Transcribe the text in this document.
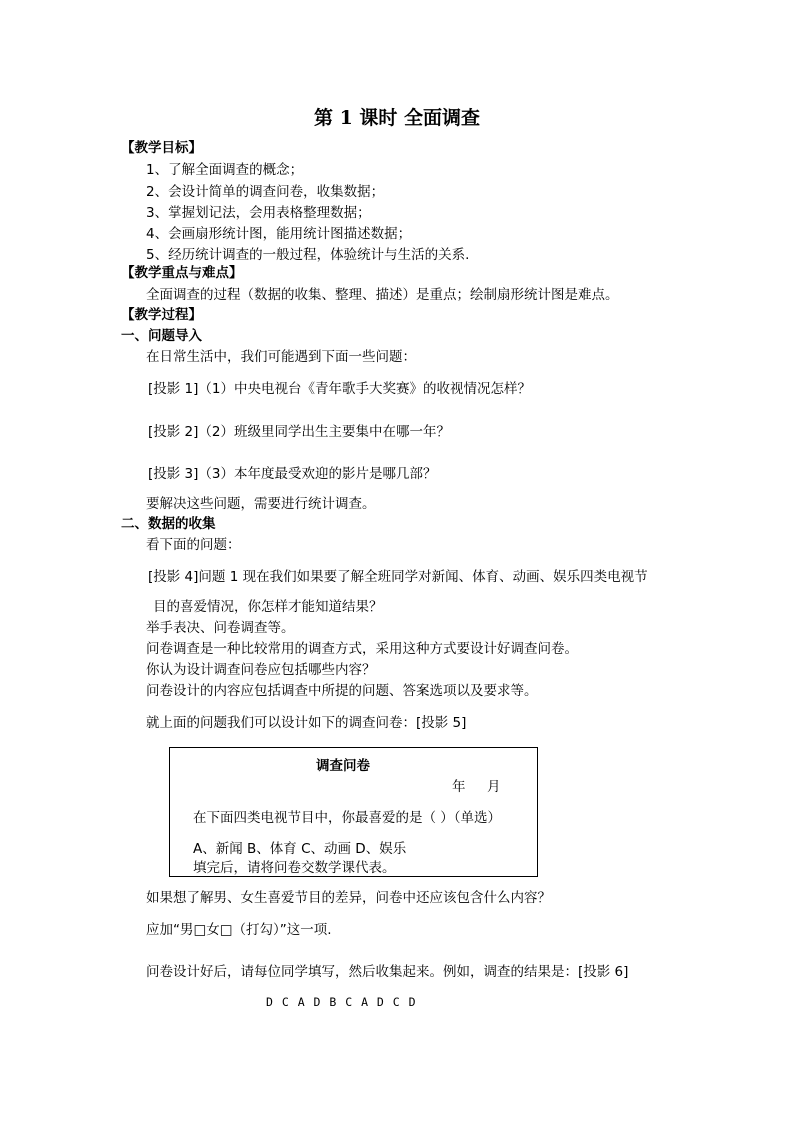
第 1 课时 全面调查
【教学目标】
1、了解全面调查的概念；
2、会设计简单的调查问卷，收集数据；
3、掌握划记法，会用表格整理数据；
4、会画扇形统计图，能用统计图描述数据；
5、经历统计调查的一般过程，体验统计与生活的关系.
【教学重点与难点】
全面调查的过程（数据的收集、整理、描述）是重点；绘制扇形统计图是难点。
【教学过程】
一、问题导入
在日常生活中，我们可能遇到下面一些问题：
[投影 1]（1）中央电视台《青年歌手大奖赛》的收视情况怎样？
[投影 2]（2）班级里同学出生主要集中在哪一年？
[投影 3]（3）本年度最受欢迎的影片是哪几部？
要解决这些问题，需要进行统计调查。
二、数据的收集
看下面的问题：
[投影 4]问题 1 现在我们如果要了解全班同学对新闻、体育、动画、娱乐四类电视节
目的喜爱情况，你怎样才能知道结果？
举手表决、问卷调查等。
问卷调查是一种比较常用的调查方式，采用这种方式要设计好调查问卷。
你认为设计调查问卷应包括哪些内容？
问卷设计的内容应包括调查中所提的问题、答案选项以及要求等。
就上面的问题我们可以设计如下的调查问卷：[投影 5]
调查问卷
年 月
在下面四类电视节目中，你最喜爱的是（ ）（单选）
A、新闻 B、体育 C、动画 D、娱乐
填完后，请将问卷交数学课代表。
如果想了解男、女生喜爱节目的差异，问卷中还应该包含什么内容？
应加“男□女□（打勾）”这一项.
问卷设计好后，请每位同学填写，然后收集起来。例如，调查的结果是：[投影 6]
D C A D B C A D C D
